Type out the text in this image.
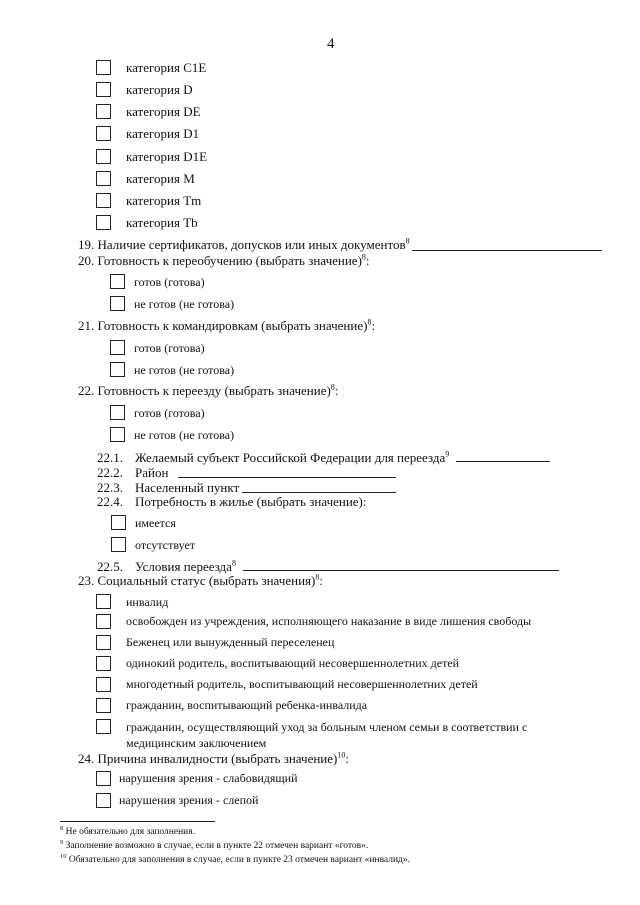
4
категория C1E
категория D
категория DE
категория D1
категория D1E
категория M
категория Tm
категория Tb
19. Наличие сертификатов, допусков или иных документов$^8$
20. Готовность к переобучению (выбрать значение)$^8$:
готов (готова)
не готов (не готова)
21. Готовность к командировкам (выбрать значение)$^8$:
готов (готова)
не готов (не готова)
22. Готовность к переезду (выбрать значение)$^8$:
готов (готова)
не готов (не готова)
22.1. Желаемый субъект Российской Федерации для переезда$^9$
22.2. Район
22.3. Населенный пункт
22.4. Потребность в жилье (выбрать значение):
имеется
отсутствует
22.5. Условия переезда$^8$
23. Социальный статус (выбрать значения)$^8$:
инвалид
освобожден из учреждения, исполняющего наказание в виде лишения свободы
Беженец или вынужденный переселенец
одинокий родитель, воспитывающий несовершеннолетних детей
многодетный родитель, воспитывающий несовершеннолетних детей
гражданин, воспитывающий ребенка-инвалида
гражданин, осуществляющий уход за больным членом семьи в соответствии с медицинским заключением
24. Причина инвалидности (выбрать значение)$^{10}$:
нарушения зрения - слабовидящий
нарушения зрения - слепой
$^8$ Не обязательно для заполнения.
$^9$ Заполнение возможно в случае, если в пункте 22 отмечен вариант «готов».
$^{10}$ Обязательно для заполнения в случае, если в пункте 23 отмечен вариант «инвалид».
